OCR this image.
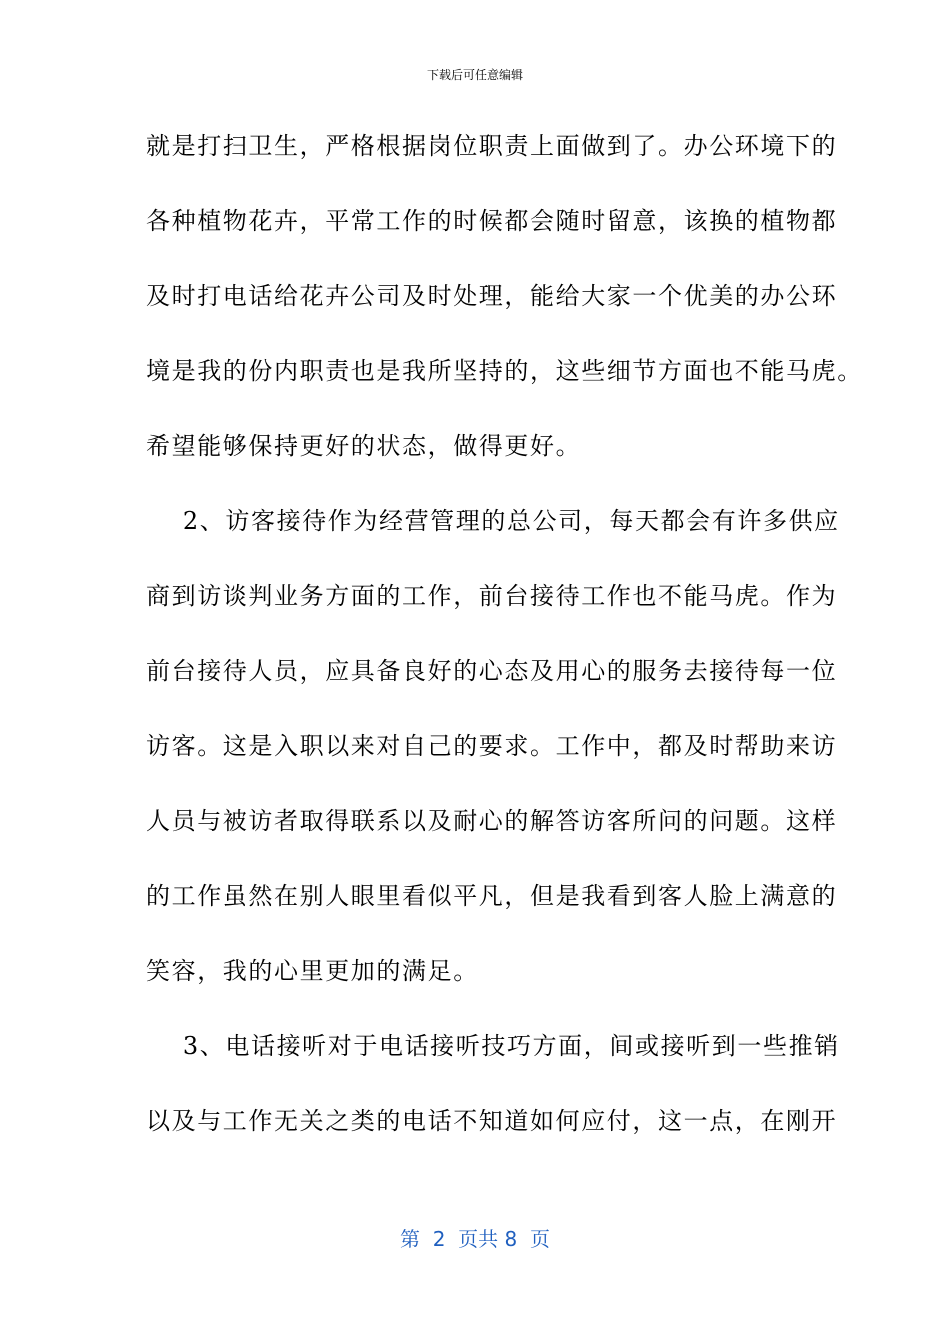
下载后可任意编辑
就是打扫卫生，严格根据岗位职责上面做到了。办公环境下的
各种植物花卉，平常工作的时候都会随时留意，该换的植物都
及时打电话给花卉公司及时处理，能给大家一个优美的办公环
境是我的份内职责也是我所坚持的，这些细节方面也不能马虎。
希望能够保持更好的状态，做得更好。
2、访客接待作为经营管理的总公司，每天都会有许多供应
商到访谈判业务方面的工作，前台接待工作也不能马虎。作为
前台接待人员，应具备良好的心态及用心的服务去接待每一位
访客。这是入职以来对自己的要求。工作中，都及时帮助来访
人员与被访者取得联系以及耐心的解答访客所问的问题。这样
的工作虽然在别人眼里看似平凡，但是我看到客人脸上满意的
笑容，我的心里更加的满足。
3、电话接听对于电话接听技巧方面，间或接听到一些推销
以及与工作无关之类的电话不知道如何应付，这一点，在刚开
第  2  页共 8  页
